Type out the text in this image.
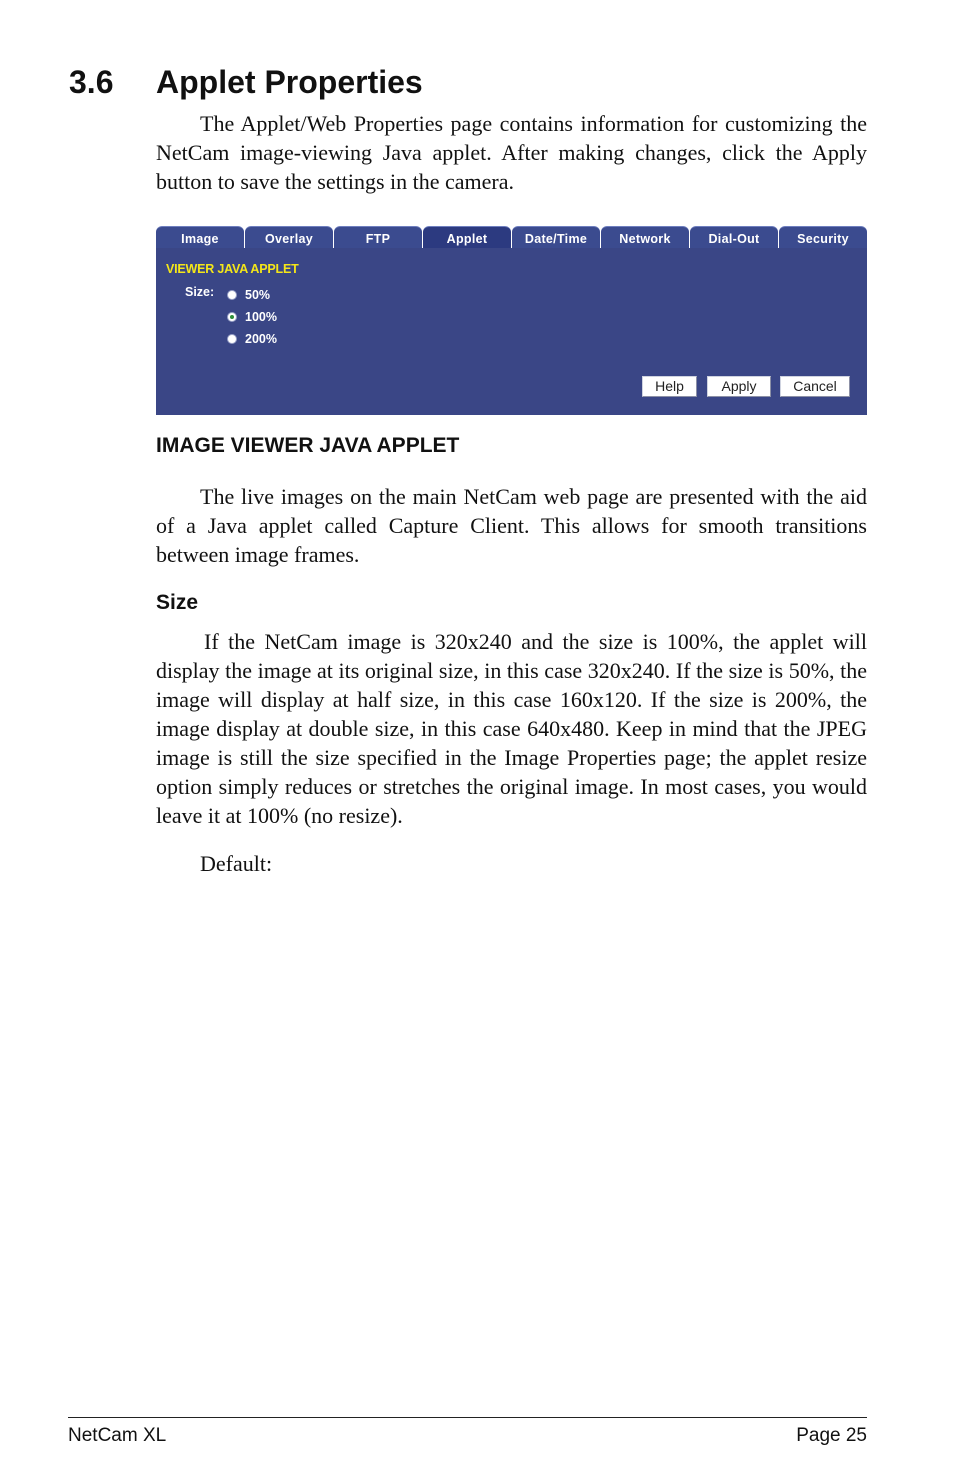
3.6 Applet Properties

The Applet/Web Properties page contains information for customizing the NetCam image-viewing Java applet. After making changes, click the Apply button to save the settings in the camera.

Image	Overlay	FTP	Applet	Date/Time	Network	Dial-Out	Security
VIEWER JAVA APPLET
Size: 50%
100%
200%
Help	Apply	Cancel
IMAGE VIEWER JAVA APPLET

The live images on the main NetCam web page are presented with the aid of a Java applet called Capture Client. This allows for smooth transitions between image frames.

Size

If the NetCam image is 320x240 and the size is 100%, the applet will display the image at its original size, in this case 320x240. If the size is 50%, the image will display at half size, in this case 160x120. If the size is 200%, the image display at double size, in this case 640x480. Keep in mind that the JPEG image is still the size specified in the Image Properties page; the applet resize option simply reduces or stretches the original image. In most cases, you would leave it at 100% (no resize).

Default:

NetCam XL	Page 25
